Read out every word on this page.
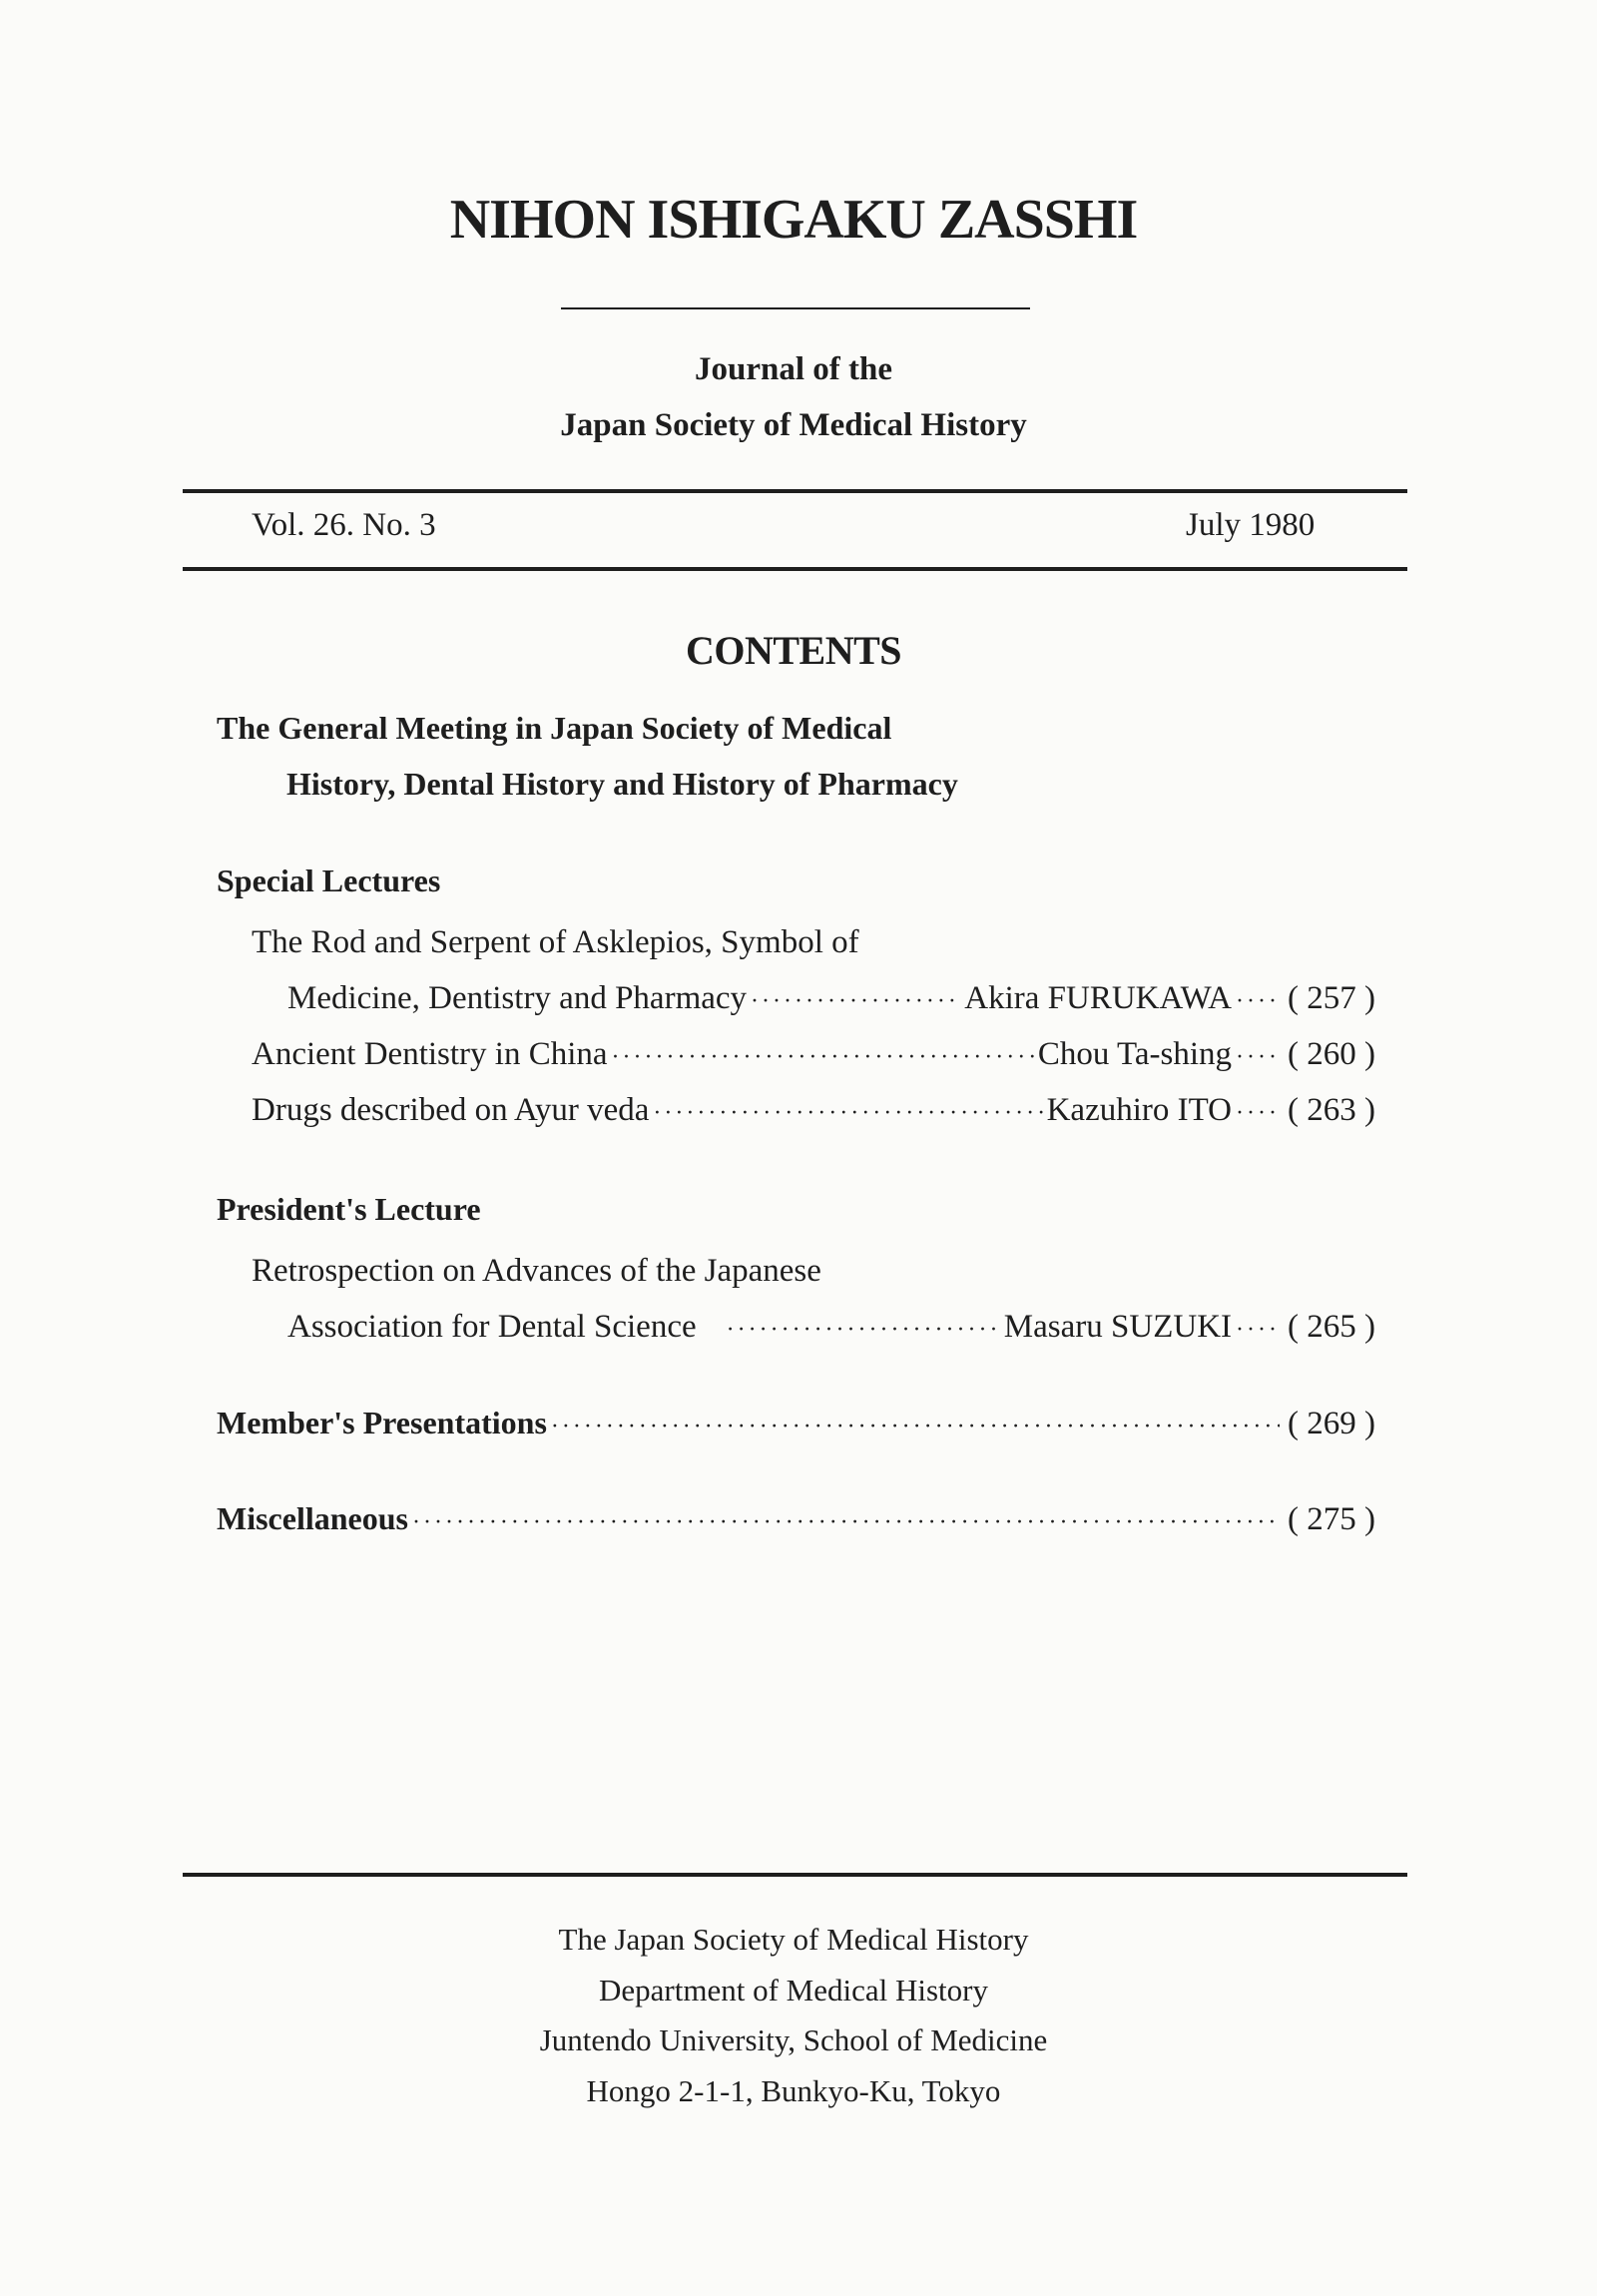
NIHON ISHIGAKU ZASSHI
Journal of the
Japan Society of Medical History
Vol. 26. No. 3	July 1980
CONTENTS
The General Meeting in Japan Society of Medical
History, Dental History and History of Pharmacy
Special Lectures
The Rod and Serpent of Asklepios, Symbol of
Medicine, Dentistry and Pharmacy ·····	Akira FURUKAWA ····· ( 257 )
Ancient Dentistry in China ·····	Chou Ta-shing ····· ( 260 )
Drugs described on Ayur veda ·····	Kazuhiro ITO ····· ( 263 )
President's Lecture
Retrospection on Advances of the Japanese
Association for Dental Science ·····	Masaru SUZUKI ····· ( 265 )
Member's Presentations ·····	( 269 )
Miscellaneous ·····	( 275 )
The Japan Society of Medical History
Department of Medical History
Juntendo University, School of Medicine
Hongo 2-1-1, Bunkyo-Ku, Tokyo
